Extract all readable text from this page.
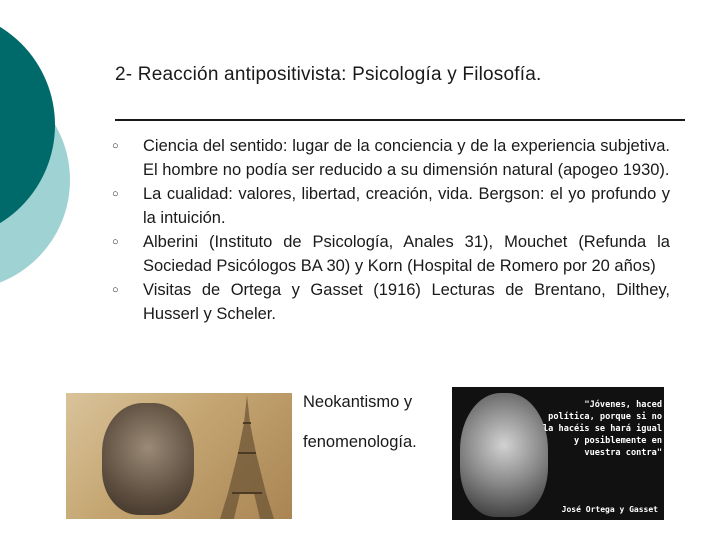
2- Reacción antipositivista: Psicología y Filosofía.
○ Ciencia del sentido: lugar de la conciencia y de la experiencia subjetiva. El hombre no podía ser reducido a su dimensión natural (apogeo 1930).
○ La cualidad: valores, libertad, creación, vida. Bergson: el yo profundo y la intuición.
○ Alberini (Instituto de Psicología, Anales 31), Mouchet (Refunda la Sociedad Psicólogos BA 30) y Korn (Hospital de Romero por 20 años)
○ Visitas de Ortega y Gasset (1916) Lecturas de Brentano, Dilthey, Husserl y Scheler.
Neokantismo y
fenomenología.
"Jóvenes, haced política, porque si no la hacéis se hará igual y posiblemente en vuestra contra"
José Ortega y Gasset
